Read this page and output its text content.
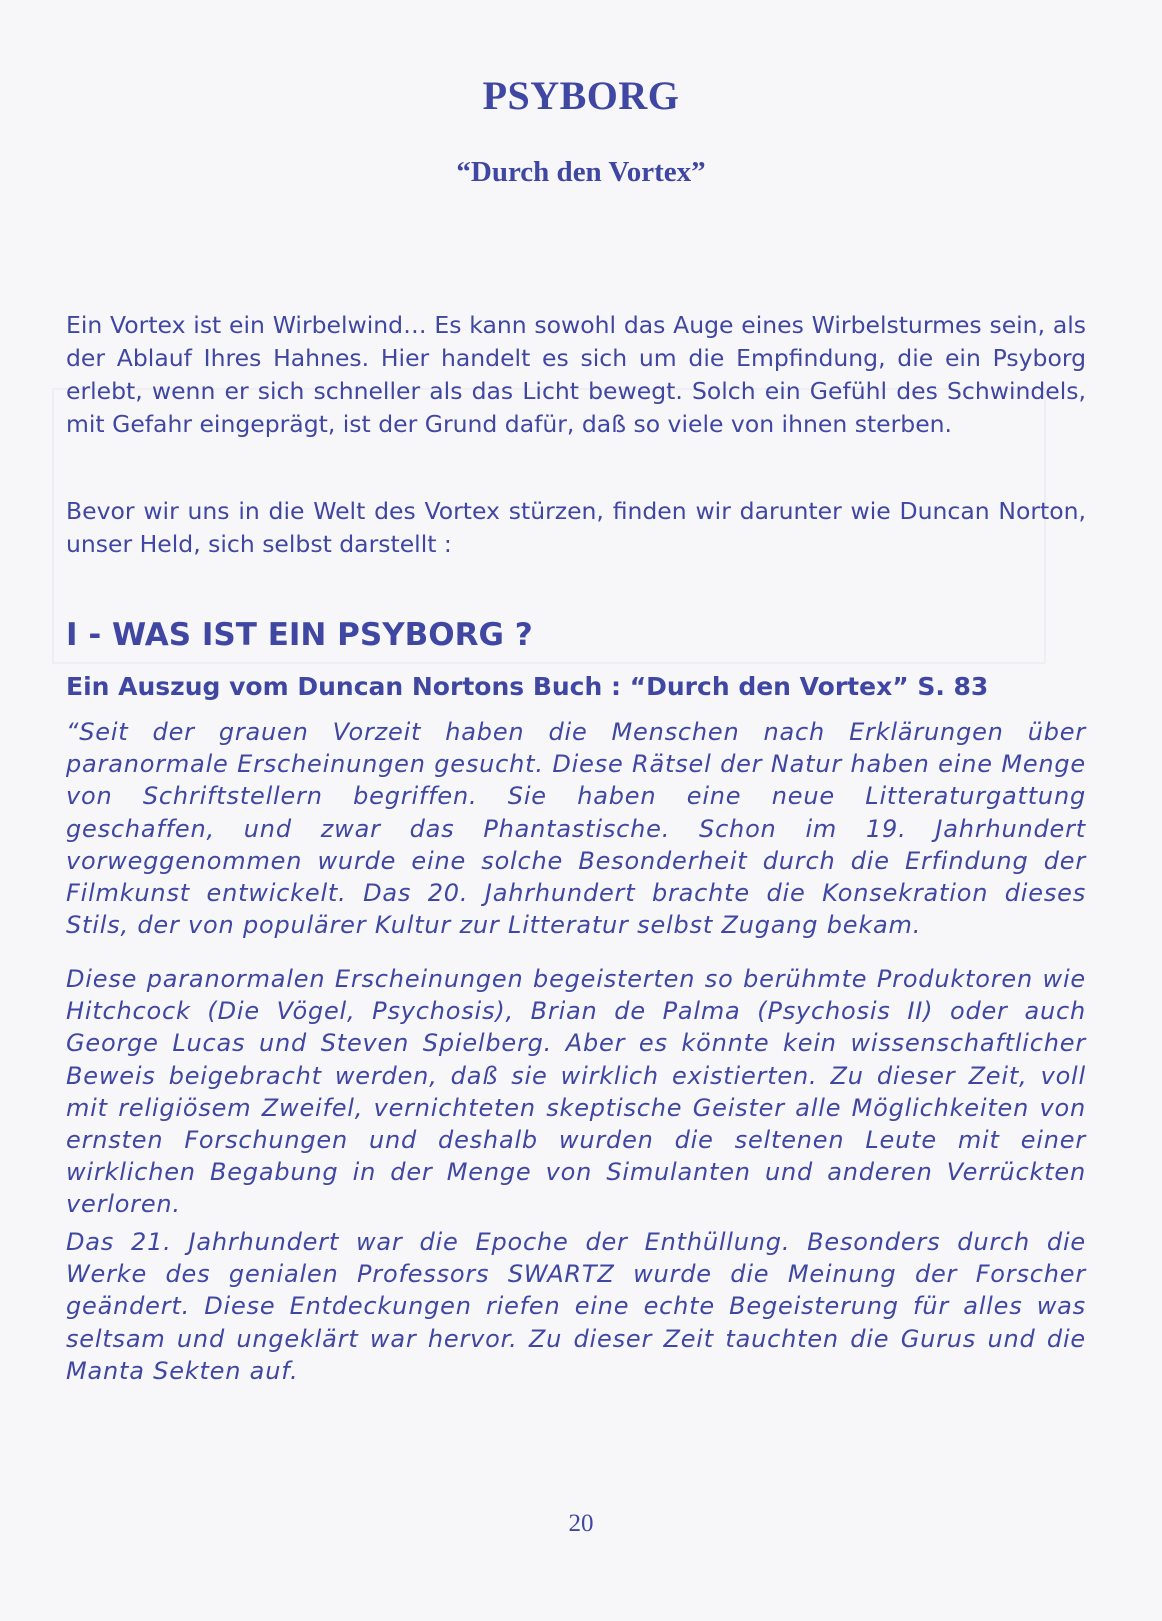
PSYBORG
“Durch den Vortex”

Ein Vortex ist ein Wirbelwind… Es kann sowohl das Auge eines Wirbelsturmes sein, als der Ablauf Ihres Hahnes. Hier handelt es sich um die Empfindung, die ein Psyborg erlebt, wenn er sich schneller als das Licht bewegt. Solch ein Gefühl des Schwindels, mit Gefahr eingeprägt, ist der Grund dafür, daß so viele von ihnen sterben.

Bevor wir uns in die Welt des Vortex stürzen, finden wir darunter wie Duncan Norton, unser Held, sich selbst darstellt :

I - WAS IST EIN PSYBORG ?
Ein Auszug vom Duncan Nortons Buch : “Durch den Vortex” S. 83

“Seit der grauen Vorzeit haben die Menschen nach Erklärungen über paranormale Erscheinungen gesucht. Diese Rätsel der Natur haben eine Menge von Schriftstellern begriffen. Sie haben eine neue Litteraturgattung geschaffen, und zwar das Phantastische. Schon im 19. Jahrhundert vorweggenommen wurde eine solche Besonderheit durch die Erfindung der Filmkunst entwickelt. Das 20. Jahrhundert brachte die Konsekration dieses Stils, der von populärer Kultur zur Litteratur selbst Zugang bekam.

Diese paranormalen Erscheinungen begeisterten so berühmte Produktoren wie Hitchcock (Die Vögel, Psychosis), Brian de Palma (Psychosis II) oder auch George Lucas und Steven Spielberg. Aber es könnte kein wissenschaftlicher Beweis beigebracht werden, daß sie wirklich existierten. Zu dieser Zeit, voll mit religiösem Zweifel, vernichteten skeptische Geister alle Möglichkeiten von ernsten Forschungen und deshalb wurden die seltenen Leute mit einer wirklichen Begabung in der Menge von Simulanten und anderen Verrückten verloren.

Das 21. Jahrhundert war die Epoche der Enthüllung. Besonders durch die Werke des genialen Professors SWARTZ wurde die Meinung der Forscher geändert. Diese Entdeckungen riefen eine echte Begeisterung für alles was seltsam und ungeklärt war hervor. Zu dieser Zeit tauchten die Gurus und die Manta Sekten auf.

20
